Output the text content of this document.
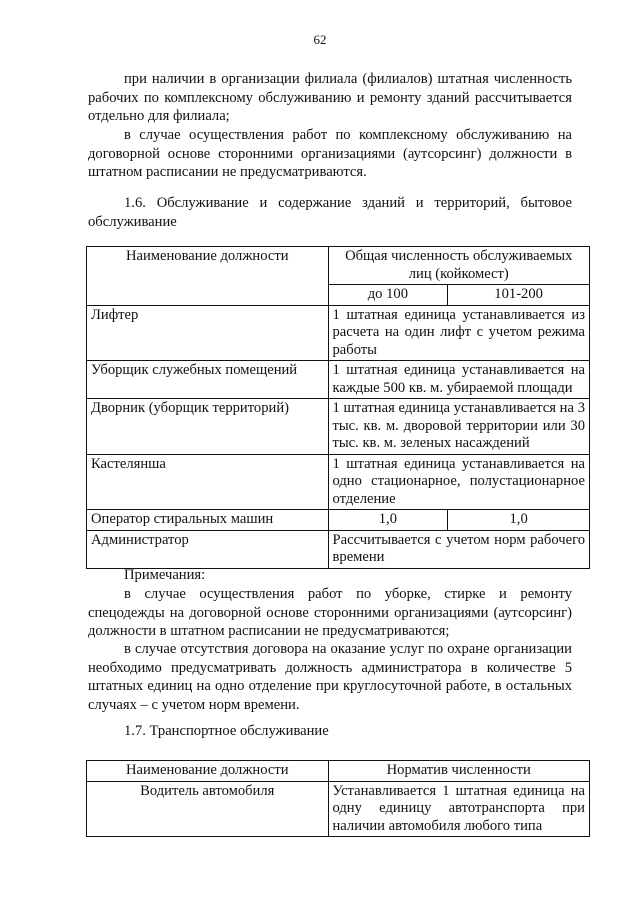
62

при наличии в организации филиала (филиалов) штатная численность рабочих по комплексному обслуживанию и ремонту зданий рассчитывается отдельно для филиала;

в случае осуществления работ по комплексному обслуживанию на договорной основе сторонними организациями (аутсорсинг) должности в штатном расписании не предусматриваются.

1.6. Обслуживание и содержание зданий и территорий, бытовое обслуживание

Наименование должности	Общая численность обслуживаемых лиц (койкомест)	
	до 100	101-200
Лифтер	1 штатная единица устанавливается из расчета на один лифт с учетом режима работы	
Уборщик служебных помещений	1 штатная единица устанавливается на каждые 500 кв. м. убираемой площади	
Дворник (уборщик территорий)	1 штатная единица устанавливается на 3 тыс. кв. м. дворовой территории или 30 тыс. кв. м. зеленых насаждений	
Кастелянша	1 штатная единица устанавливается на одно стационарное, полустационарное отделение	
Оператор стиральных машин	1,0	1,0
Администратор	Рассчитывается с учетом норм рабочего времени	

Примечания:

в случае осуществления работ по уборке, стирке и ремонту спецодежды на договорной основе сторонними организациями (аутсорсинг) должности в штатном расписании не предусматриваются;

в случае отсутствия договора на оказание услуг по охране организации необходимо предусматривать должность администратора в количестве 5 штатных единиц на одно отделение при круглосуточной работе, в остальных случаях – с учетом норм времени.

1.7. Транспортное обслуживание

Наименование должности	Норматив численности
Водитель автомобиля	Устанавливается 1 штатная единица на одну единицу автотранспорта при наличии автомобиля любого типа
